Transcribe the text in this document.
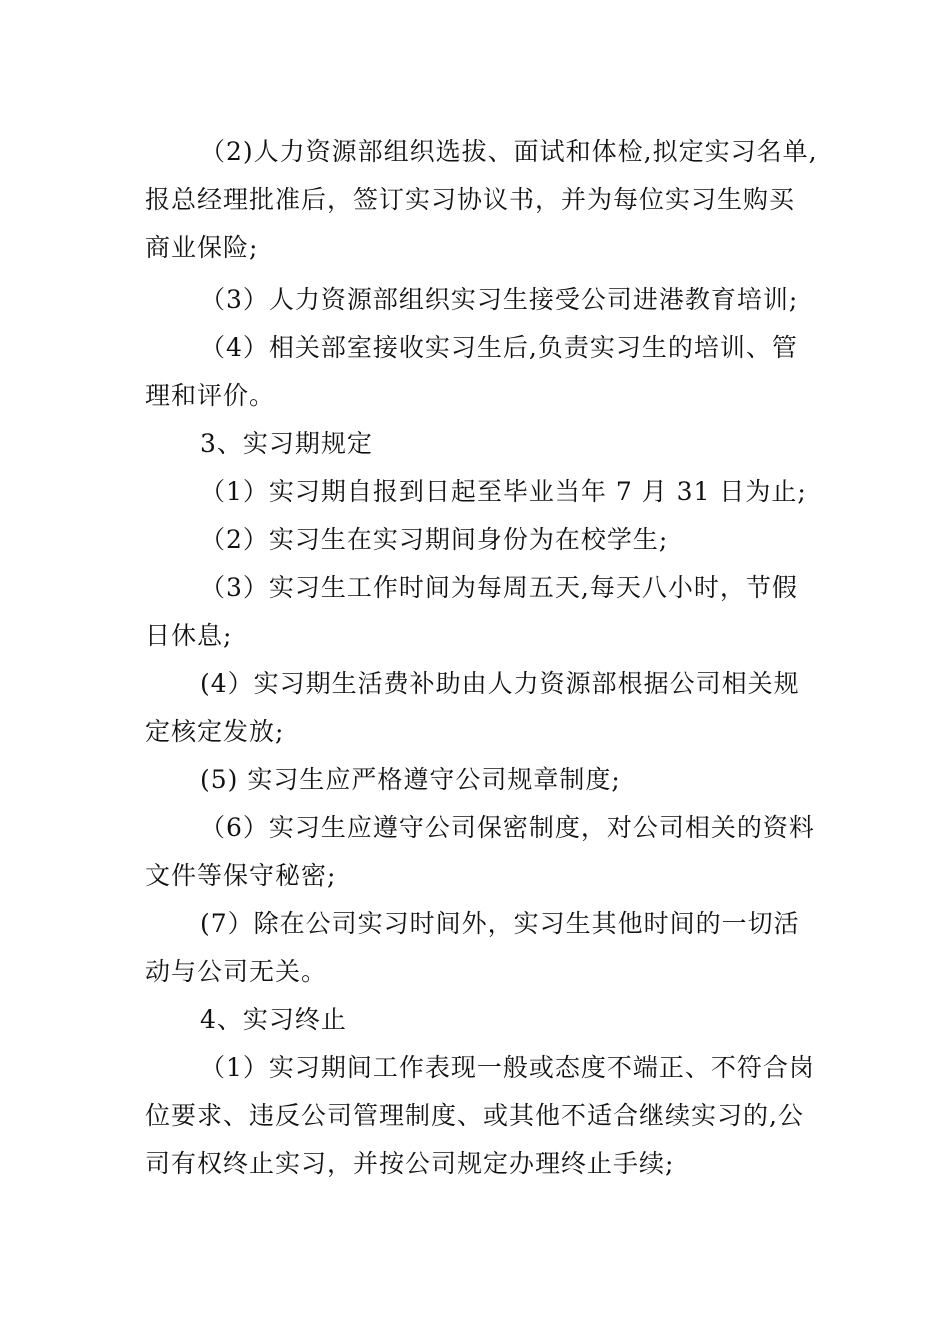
（2)人力资源部组织选拔、面试和体检,拟定实习名单,
报总经理批准后，签订实习协议书，并为每位实习生购买
商业保险;
（3）人力资源部组织实习生接受公司进港教育培训;
（4）相关部室接收实习生后,负责实习生的培训、管
理和评价。
3、实习期规定
（1）实习期自报到日起至毕业当年 7 月 31 日为止;
（2）实习生在实习期间身份为在校学生;
（3）实习生工作时间为每周五天,每天八小时，节假
日休息;
(4）实习期生活费补助由人力资源部根据公司相关规
定核定发放;
(5) 实习生应严格遵守公司规章制度;
（6）实习生应遵守公司保密制度，对公司相关的资料
文件等保守秘密;
(7）除在公司实习时间外，实习生其他时间的一切活
动与公司无关。
4、实习终止
（1）实习期间工作表现一般或态度不端正、不符合岗
位要求、违反公司管理制度、或其他不适合继续实习的,公
司有权终止实习，并按公司规定办理终止手续;
